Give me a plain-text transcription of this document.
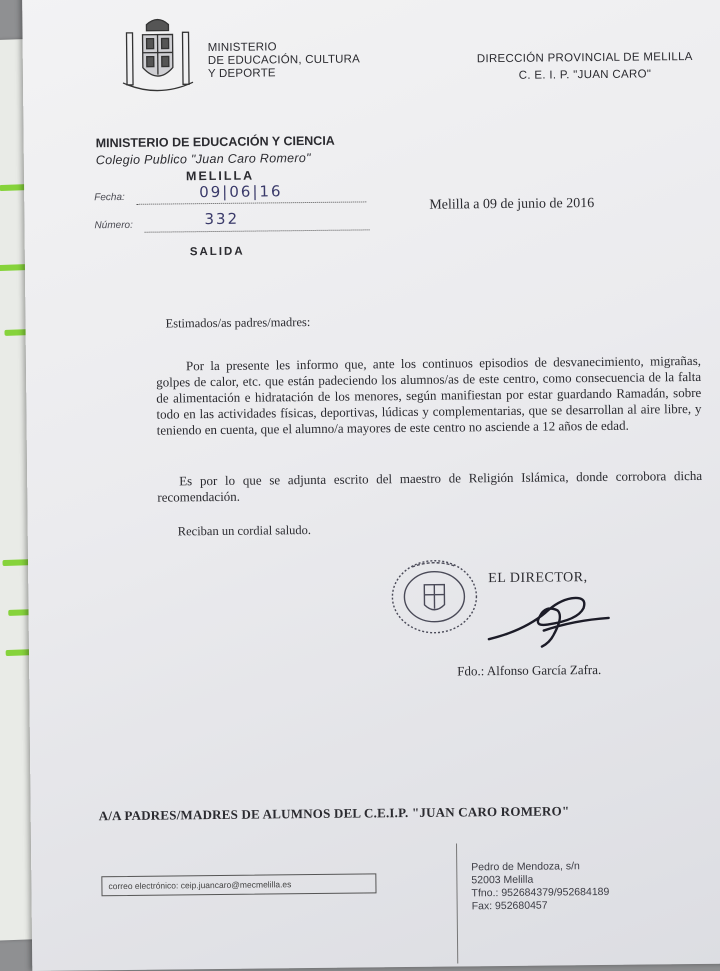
MINISTERIO
DE EDUCACIÓN, CULTURA
Y DEPORTE
DIRECCIÓN PROVINCIAL DE MELILLA
C. E. I. P. "JUAN CARO"
MINISTERIO DE EDUCACIÓN Y CIENCIA
Colegio Publico "Juan Caro Romero"
MELILLA
Fecha:	09|06|16
Número:	332
SALIDA
Melilla a 09 de junio de 2016
Estimados/as padres/madres:
Por la presente les informo que, ante los continuos episodios de desvanecimiento, migrañas, golpes de calor, etc. que están padeciendo los alumnos/as de este centro, como consecuencia de la falta de alimentación e hidratación de los menores, según manifiestan por estar guardando Ramadán, sobre todo en las actividades físicas, deportivas, lúdicas y complementarias, que se desarrollan al aire libre, y teniendo en cuenta, que el alumno/a mayores de este centro no asciende a 12 años de edad.
Es por lo que se adjunta escrito del maestro de Religión Islámica, donde corrobora dicha recomendación.
Reciban un cordial saludo.
EL DIRECTOR,
Fdo.: Alfonso García Zafra.
A/A PADRES/MADRES DE ALUMNOS DEL C.E.I.P. "JUAN CARO ROMERO"
correo electrónico: ceip.juancaro@mecmelilla.es
Pedro de Mendoza, s/n
52003 Melilla
Tfno.: 952684379/952684189
Fax: 952680457
